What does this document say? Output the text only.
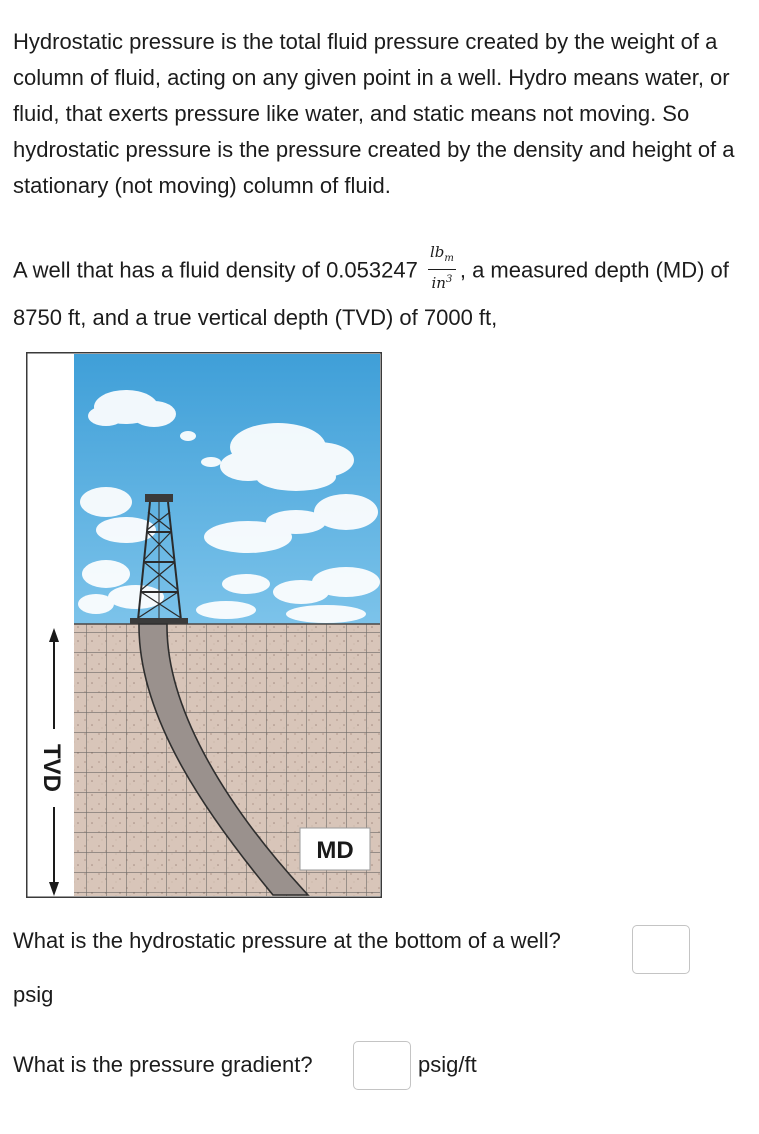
Hydrostatic pressure is the total fluid pressure created by the weight of a column of fluid, acting on any given point in a well. Hydro means water, or fluid, that exerts pressure like water, and static means not moving. So hydrostatic pressure is the pressure created by the density and height of a stationary (not moving) column of fluid.

A well that has a fluid density of $0.053247 \frac{lb_m}{in^3}$ , a measured depth (MD) of 8750 ft, and a true vertical depth (TVD) of 7000 ft,

MD
TVD
What is the hydrostatic pressure at the bottom of a well?
psig
What is the pressure gradient?	psig/ft
